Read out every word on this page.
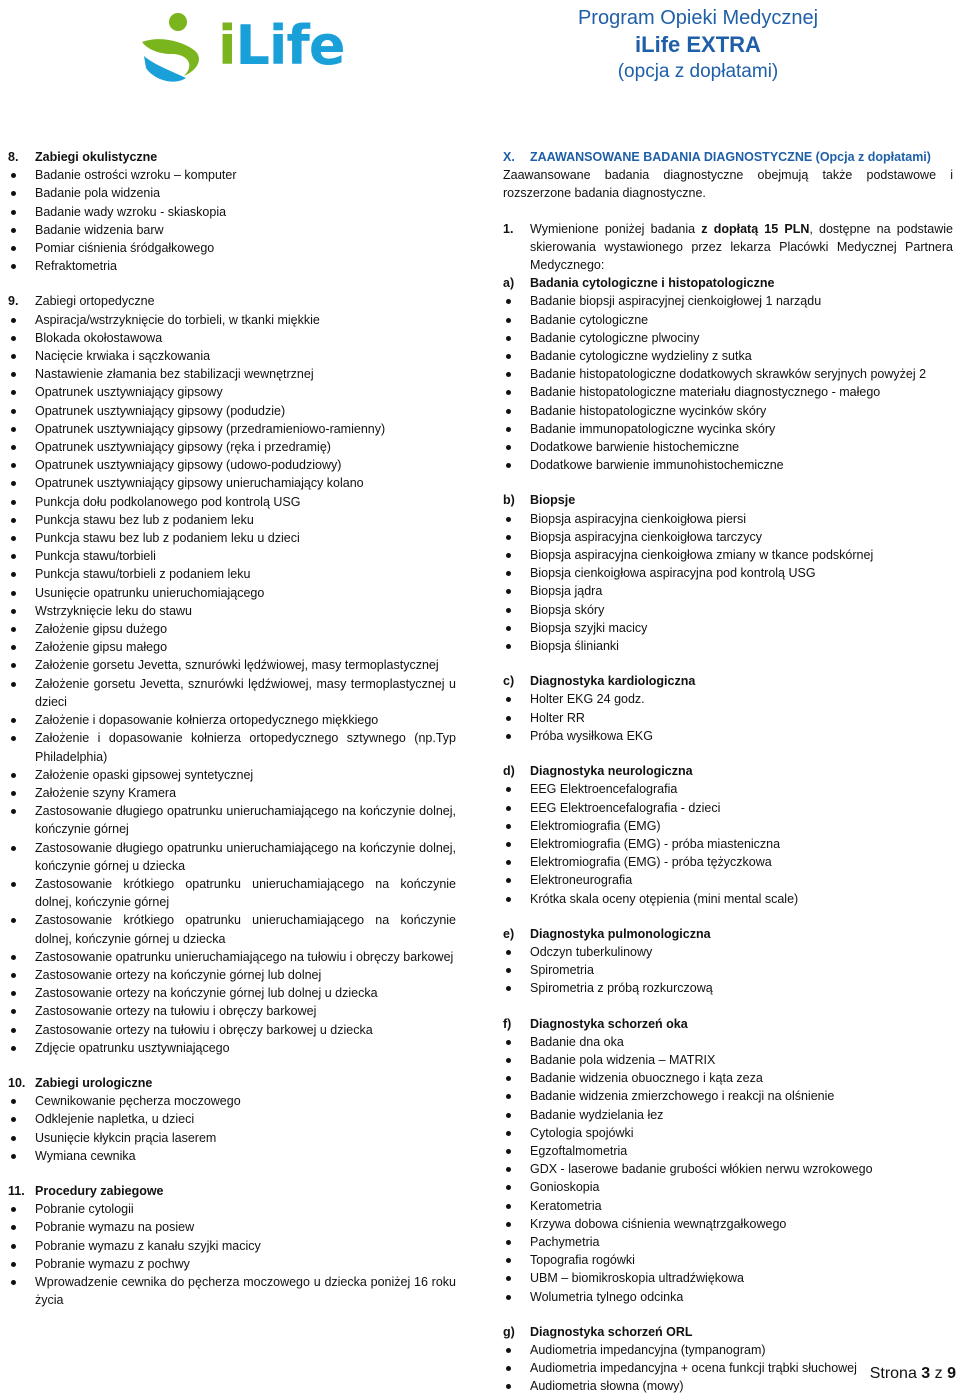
iLife	Program Opieki Medycznej
iLife EXTRA
(opcja z dopłatami)
8.	Zabiegi okulistyczne
Badanie ostrości wzroku – komputer
Badanie pola widzenia
Badanie wady wzroku - skiaskopia
Badanie widzenia barw
Pomiar ciśnienia śródgałkowego
Refraktometria
9.	Zabiegi ortopedyczne
Aspiracja/wstrzyknięcie do torbieli, w tkanki miękkie
Blokada okołostawowa
Nacięcie krwiaka i sączkowania
Nastawienie złamania bez stabilizacji wewnętrznej
Opatrunek usztywniający gipsowy
Opatrunek usztywniający gipsowy (podudzie)
Opatrunek usztywniający gipsowy (przedramieniowo-ramienny)
Opatrunek usztywniający gipsowy (ręka i przedramię)
Opatrunek usztywniający gipsowy (udowo-podudziowy)
Opatrunek usztywniający gipsowy unieruchamiający kolano
Punkcja dołu podkolanowego pod kontrolą USG
Punkcja stawu bez lub z podaniem leku
Punkcja stawu bez lub z podaniem leku u dzieci
Punkcja stawu/torbieli
Punkcja stawu/torbieli z podaniem leku
Usunięcie opatrunku unieruchomiającego
Wstrzyknięcie leku do stawu
Założenie gipsu dużego
Założenie gipsu małego
Założenie gorsetu Jevetta, sznurówki lędźwiowej, masy termoplastycznej
Założenie gorsetu Jevetta, sznurówki lędźwiowej, masy termoplastycznej u dzieci
Założenie i dopasowanie kołnierza ortopedycznego miękkiego
Założenie i dopasowanie kołnierza ortopedycznego sztywnego (np.Typ Philadelphia)
Założenie opaski gipsowej syntetycznej
Założenie szyny Kramera
Zastosowanie długiego opatrunku unieruchamiającego na kończynie dolnej, kończynie górnej
Zastosowanie długiego opatrunku unieruchamiającego na kończynie dolnej, kończynie górnej u dziecka
Zastosowanie krótkiego opatrunku unieruchamiającego na kończynie dolnej, kończynie górnej
Zastosowanie krótkiego opatrunku unieruchamiającego na kończynie dolnej, kończynie górnej u dziecka
Zastosowanie opatrunku unieruchamiającego na tułowiu i obręczy barkowej
Zastosowanie ortezy na kończynie górnej lub dolnej
Zastosowanie ortezy na kończynie górnej lub dolnej u dziecka
Zastosowanie ortezy na tułowiu i obręczy barkowej
Zastosowanie ortezy na tułowiu i obręczy barkowej u dziecka
Zdjęcie opatrunku usztywniającego
10. Zabiegi urologiczne
Cewnikowanie pęcherza moczowego
Odklejenie napletka, u dzieci
Usunięcie kłykcin prącia laserem
Wymiana cewnika
11. Procedury zabiegowe
Pobranie cytologii
Pobranie wymazu na posiew
Pobranie wymazu z kanału szyjki macicy
Pobranie wymazu z pochwy
Wprowadzenie cewnika do pęcherza moczowego u dziecka poniżej 16 roku życia
X.	ZAAWANSOWANE BADANIA DIAGNOSTYCZNE (Opcja z dopłatami)
Zaawansowane badania diagnostyczne obejmują także podstawowe i rozszerzone badania diagnostyczne.
1.	Wymienione poniżej badania z dopłatą 15 PLN, dostępne na podstawie skierowania wystawionego przez lekarza Placówki Medycznej Partnera Medycznego:
a)	Badania cytologiczne i histopatologiczne
Badanie biopsji aspiracyjnej cienkoigłowej 1 narządu
Badanie cytologiczne
Badanie cytologiczne plwociny
Badanie cytologiczne wydzieliny z sutka
Badanie histopatologiczne dodatkowych skrawków seryjnych powyżej 2
Badanie histopatologiczne materiału diagnostycznego - małego
Badanie histopatologiczne wycinków skóry
Badanie immunopatologiczne wycinka skóry
Dodatkowe barwienie histochemiczne
Dodatkowe barwienie immunohistochemiczne
b)	Biopsje
Biopsja aspiracyjna cienkoigłowa piersi
Biopsja aspiracyjna cienkoigłowa tarczycy
Biopsja aspiracyjna cienkoigłowa zmiany w tkance podskórnej
Biopsja cienkoigłowa aspiracyjna pod kontrolą USG
Biopsja jądra
Biopsja skóry
Biopsja szyjki macicy
Biopsja ślinianki
c)	Diagnostyka kardiologiczna
Holter EKG 24 godz.
Holter RR
Próba wysiłkowa EKG
d)	Diagnostyka neurologiczna
EEG Elektroencefalografia
EEG Elektroencefalografia - dzieci
Elektromiografia (EMG)
Elektromiografia (EMG) - próba miasteniczna
Elektromiografia (EMG) - próba tężyczkowa
Elektroneurografia
Krótka skala oceny otępienia (mini mental scale)
e)	Diagnostyka pulmonologiczna
Odczyn tuberkulinowy
Spirometria
Spirometria z próbą rozkurczową
f)	Diagnostyka schorzeń oka
Badanie dna oka
Badanie pola widzenia – MATRIX
Badanie widzenia obuocznego i kąta zeza
Badanie widzenia zmierzchowego i reakcji na olśnienie
Badanie wydzielania łez
Cytologia spojówki
Egzoftalmometria
GDX - laserowe badanie grubości włókien nerwu wzrokowego
Gonioskopia
Keratometria
Krzywa dobowa ciśnienia wewnątrzgałkowego
Pachymetria
Topografia rogówki
UBM – biomikroskopia ultradźwiękowa
Wolumetria tylnego odcinka
g)	Diagnostyka schorzeń ORL
Audiometria impedancyjna (tympanogram)
Audiometria impedancyjna + ocena funkcji trąbki słuchowej
Audiometria słowna (mowy)
Strona 3 z 9
